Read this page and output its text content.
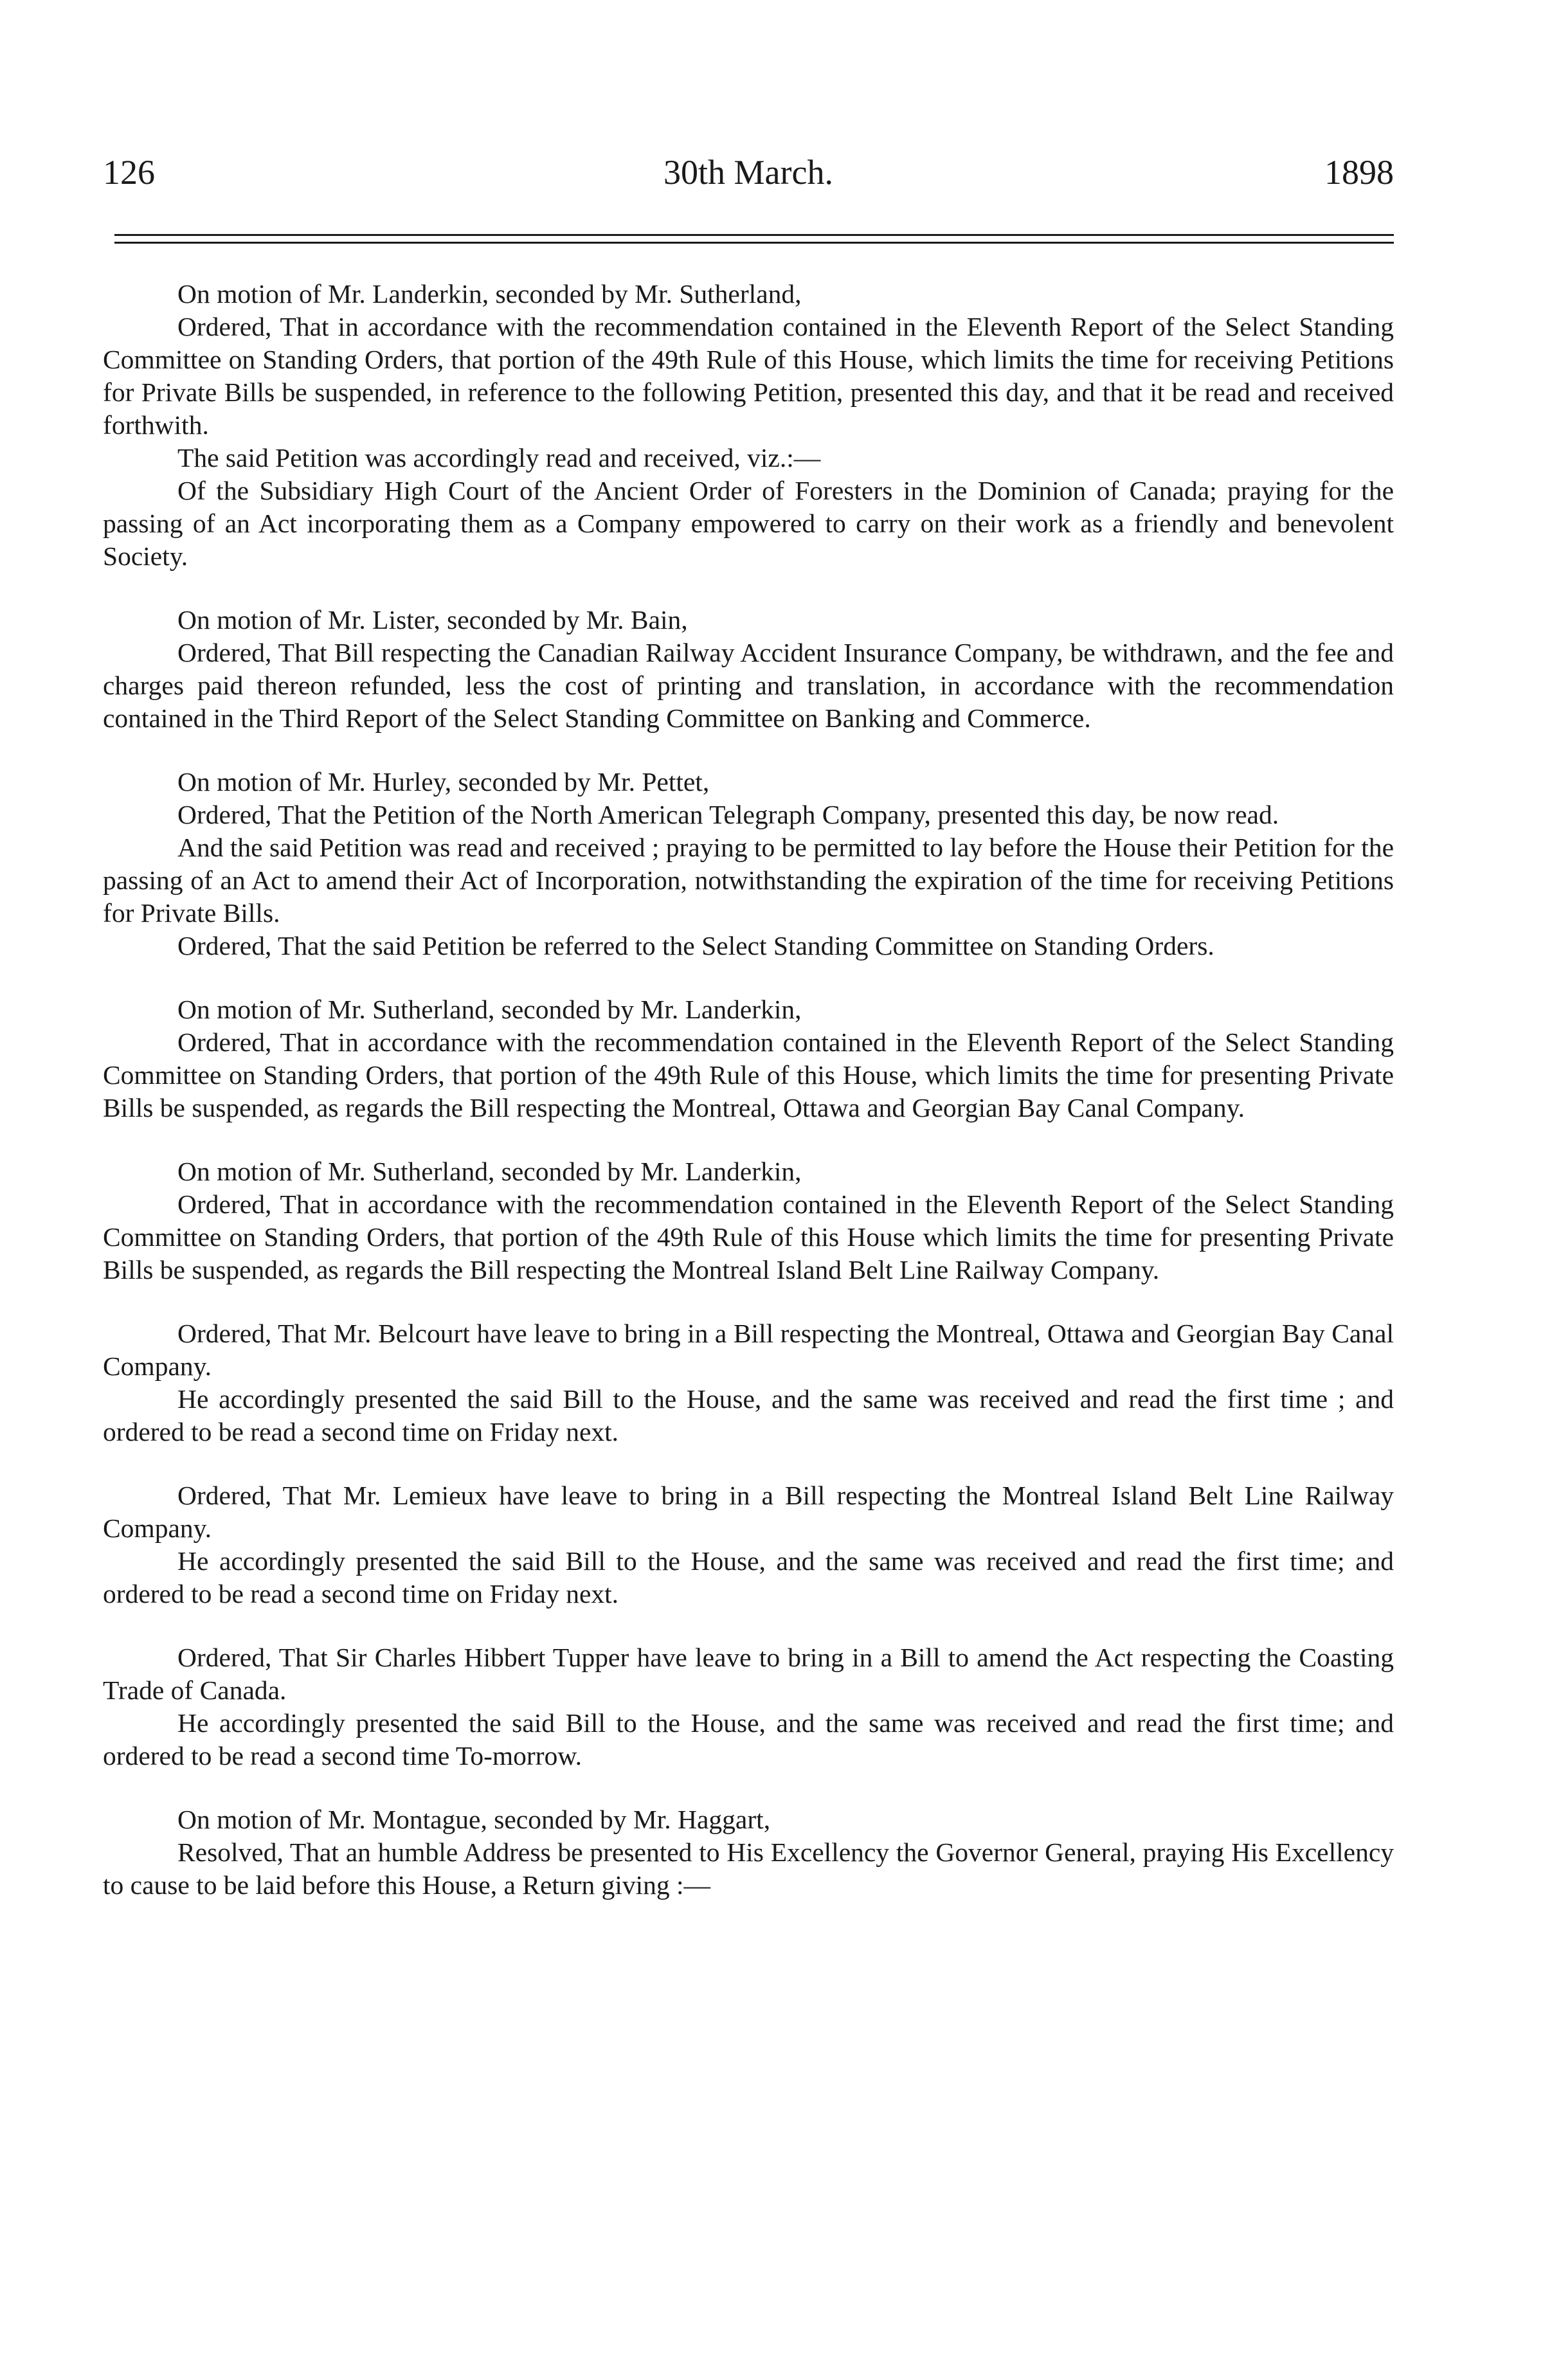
126	30th March.	1898

On motion of Mr. Landerkin, seconded by Mr. Sutherland,

Ordered, That in accordance with the recommendation contained in the Eleventh Report of the Select Standing Committee on Standing Orders, that portion of the 49th Rule of this House, which limits the time for receiving Petitions for Private Bills be suspended, in reference to the following Petition, presented this day, and that it be read and received forthwith.

The said Petition was accordingly read and received, viz.:—

Of the Subsidiary High Court of the Ancient Order of Foresters in the Dominion of Canada; praying for the passing of an Act incorporating them as a Company empowered to carry on their work as a friendly and benevolent Society.

On motion of Mr. Lister, seconded by Mr. Bain,

Ordered, That Bill respecting the Canadian Railway Accident Insurance Company, be withdrawn, and the fee and charges paid thereon refunded, less the cost of printing and translation, in accordance with the recommendation contained in the Third Report of the Select Standing Committee on Banking and Commerce.

On motion of Mr. Hurley, seconded by Mr. Pettet,

Ordered, That the Petition of the North American Telegraph Company, presented this day, be now read.

And the said Petition was read and received ; praying to be permitted to lay before the House their Petition for the passing of an Act to amend their Act of Incorporation, notwithstanding the expiration of the time for receiving Petitions for Private Bills.

Ordered, That the said Petition be referred to the Select Standing Committee on Standing Orders.

On motion of Mr. Sutherland, seconded by Mr. Landerkin,

Ordered, That in accordance with the recommendation contained in the Eleventh Report of the Select Standing Committee on Standing Orders, that portion of the 49th Rule of this House, which limits the time for presenting Private Bills be suspended, as regards the Bill respecting the Montreal, Ottawa and Georgian Bay Canal Company.

On motion of Mr. Sutherland, seconded by Mr. Landerkin,

Ordered, That in accordance with the recommendation contained in the Eleventh Report of the Select Standing Committee on Standing Orders, that portion of the 49th Rule of this House which limits the time for presenting Private Bills be suspended, as regards the Bill respecting the Montreal Island Belt Line Railway Company.

Ordered, That Mr. Belcourt have leave to bring in a Bill respecting the Montreal, Ottawa and Georgian Bay Canal Company.

He accordingly presented the said Bill to the House, and the same was received and read the first time ; and ordered to be read a second time on Friday next.

Ordered, That Mr. Lemieux have leave to bring in a Bill respecting the Montreal Island Belt Line Railway Company.

He accordingly presented the said Bill to the House, and the same was received and read the first time; and ordered to be read a second time on Friday next.

Ordered, That Sir Charles Hibbert Tupper have leave to bring in a Bill to amend the Act respecting the Coasting Trade of Canada.

He accordingly presented the said Bill to the House, and the same was received and read the first time; and ordered to be read a second time To-morrow.

On motion of Mr. Montague, seconded by Mr. Haggart,

Resolved, That an humble Address be presented to His Excellency the Governor General, praying His Excellency to cause to be laid before this House, a Return giving :—
